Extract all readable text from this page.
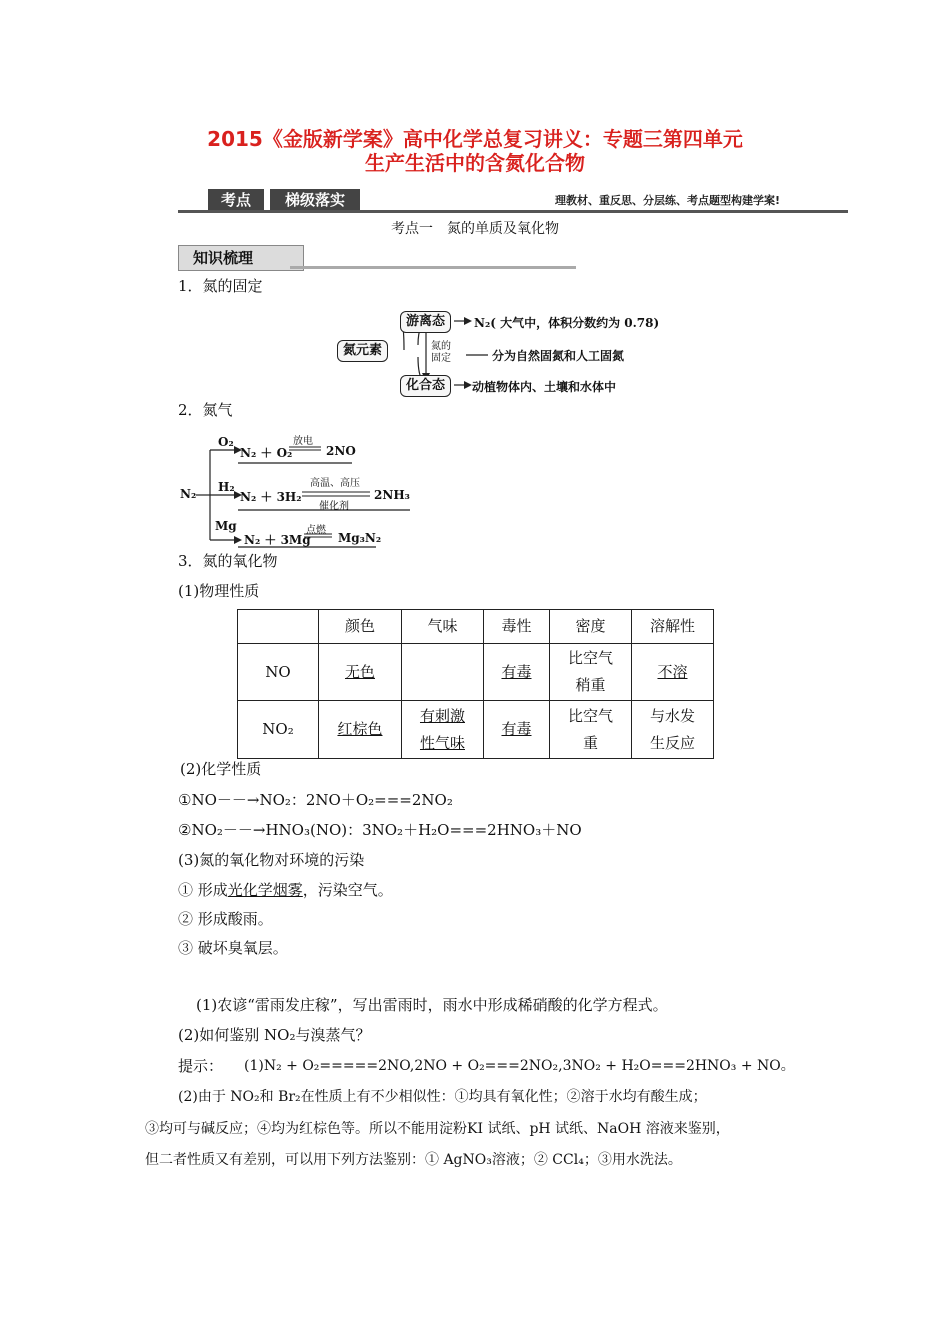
2015《金版新学案》高中化学总复习讲义：专题三第四单元
生产生活中的含氮化合物
考点	梯级落实	理教材、重反思、分层练、考点题型构建学案!
考点一　氮的单质及氧化物
知识梳理
1．氮的固定
氮元素
游离态
化合态
N₂( 大气中，体积分数约为 0.78)
氮的
固定	分为自然固氮和人工固氮
动植物体内、土壤和水体中
2．氮气
N₂
O₂
N₂ ＋ O₂
放电
2NO
H₂
N₂ ＋ 3H₂
高温、高压
催化剂
2NH₃
Mg
N₂ ＋ 3Mg
点燃
Mg₃N₂
3．氮的氧化物
(1)物理性质
	颜色	气味	毒性	密度	溶解性
NO	无色		有毒	比空气稍重	不溶
NO₂	红棕色	有刺激性气味	有毒	比空气重	与水发生反应
(2)化学性质
①NO－－→NO₂：2NO＋O₂===2NO₂
②NO₂－－→HNO₃(NO)：3NO₂＋H₂O===2HNO₃＋NO
(3)氮的氧化物对环境的污染
① 形成光化学烟雾，污染空气。
② 形成酸雨。
③ 破坏臭氧层。
(1)农谚“雷雨发庄稼”，写出雷雨时，雨水中形成稀硝酸的化学方程式。
(2)如何鉴别 NO₂与溴蒸气？
提示： (1)N₂ + O₂=====2NO,2NO + O₂===2NO₂,3NO₂ + H₂O===2HNO₃ + NO。
(2)由于 NO₂和 Br₂在性质上有不少相似性：①均具有氧化性；②溶于水均有酸生成；
③均可与碱反应；④均为红棕色等。所以不能用淀粉KI 试纸、pH 试纸、NaOH 溶液来鉴别，
但二者性质又有差别，可以用下列方法鉴别：① AgNO₃溶液；② CCl₄；③用水洗法。
